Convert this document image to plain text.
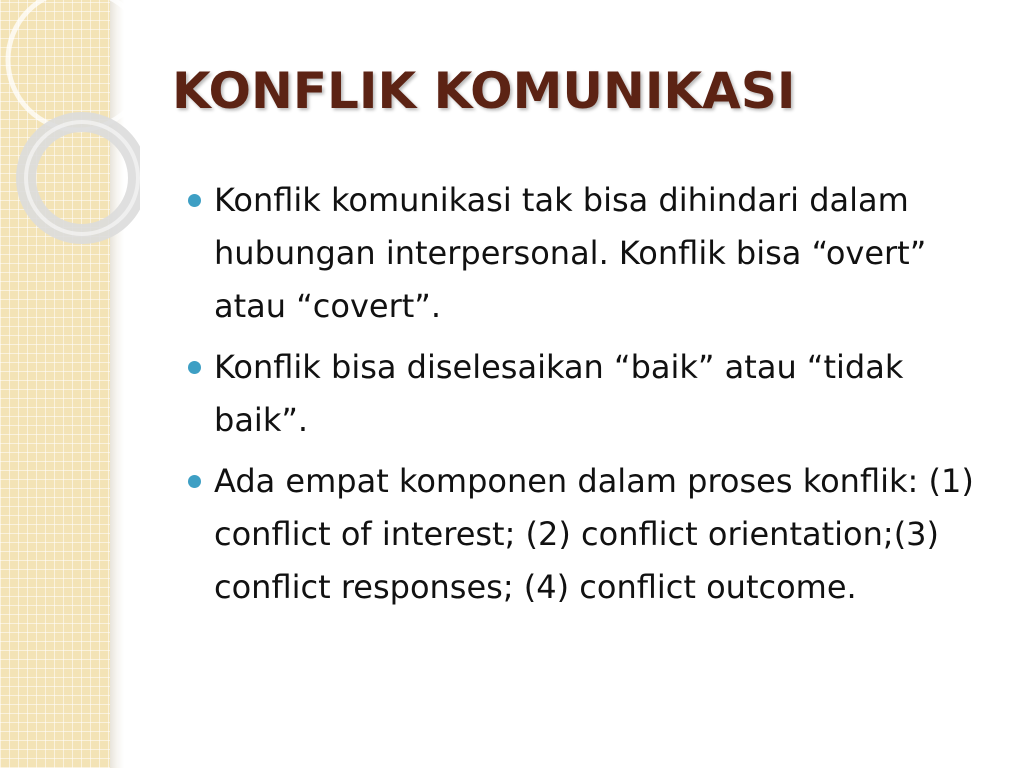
KONFLIK KOMUNIKASI
Konflik komunikasi tak bisa dihindari dalam hubungan interpersonal. Konflik bisa “overt” atau “covert”.
Konflik bisa diselesaikan “baik” atau “tidak baik”.
Ada empat komponen dalam proses konflik: (1) conflict of interest; (2) conflict orientation;(3) conflict responses; (4) conflict outcome.
